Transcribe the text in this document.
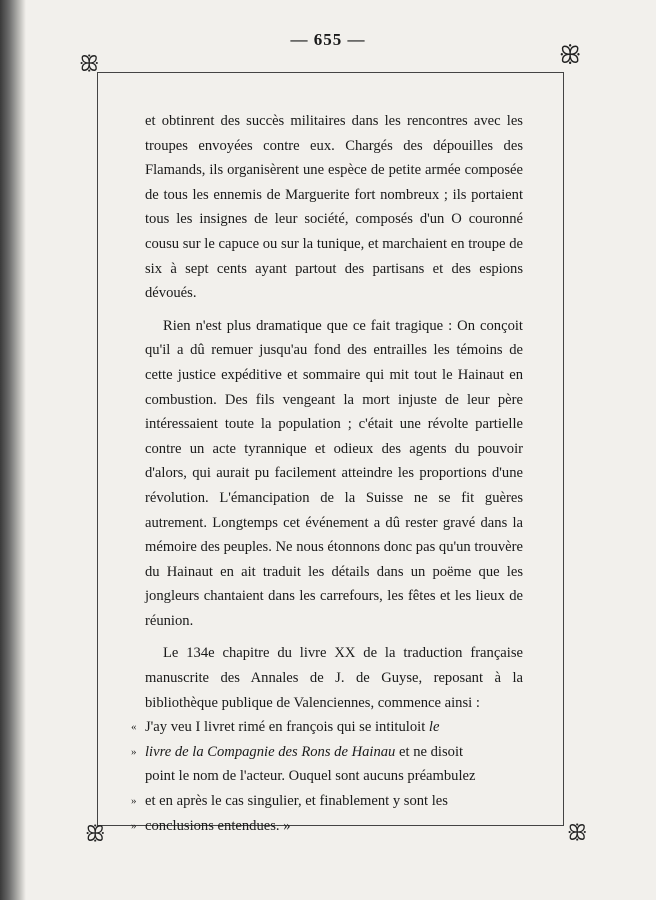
— 655 —
ꕥ	ꕥ
ꕥ	ꕥ

et obtinrent des succès militaires dans les rencontres avec les troupes envoyées contre eux. Chargés des dépouilles des Flamands, ils organisèrent une espèce de petite armée composée de tous les ennemis de Marguerite fort nombreux ; ils portaient tous les insignes de leur société, composés d'un O couronné cousu sur le capuce ou sur la tunique, et marchaient en troupe de six à sept cents ayant partout des partisans et des espions dévoués.

Rien n'est plus dramatique que ce fait tragique : On conçoit qu'il a dû remuer jusqu'au fond des entrailles les témoins de cette justice expéditive et sommaire qui mit tout le Hainaut en combustion. Des fils vengeant la mort injuste de leur père intéressaient toute la population ; c'était une révolte partielle contre un acte tyrannique et odieux des agents du pouvoir d'alors, qui aurait pu facilement atteindre les proportions d'une révolution. L'émancipation de la Suisse ne se fit guères autrement. Longtemps cet événement a dû rester gravé dans la mémoire des peuples. Ne nous étonnons donc pas qu'un trouvère du Hainaut en ait traduit les détails dans un poëme que les jongleurs chantaient dans les carrefours, les fêtes et les lieux de réunion.

Le 134e chapitre du livre XX de la traduction française manuscrite des Annales de J. de Guyse, reposant à la bibliothèque publique de Valenciennes, commence ainsi :

« J'ay veu I livret rimé en françois qui se intituloit le
» livre de la Compagnie des Rons de Hainau et ne disoit
point le nom de l'acteur. Ouquel sont aucuns préambulez
» et en après le cas singulier, et finablement y sont les
» conclusions entendues. »
